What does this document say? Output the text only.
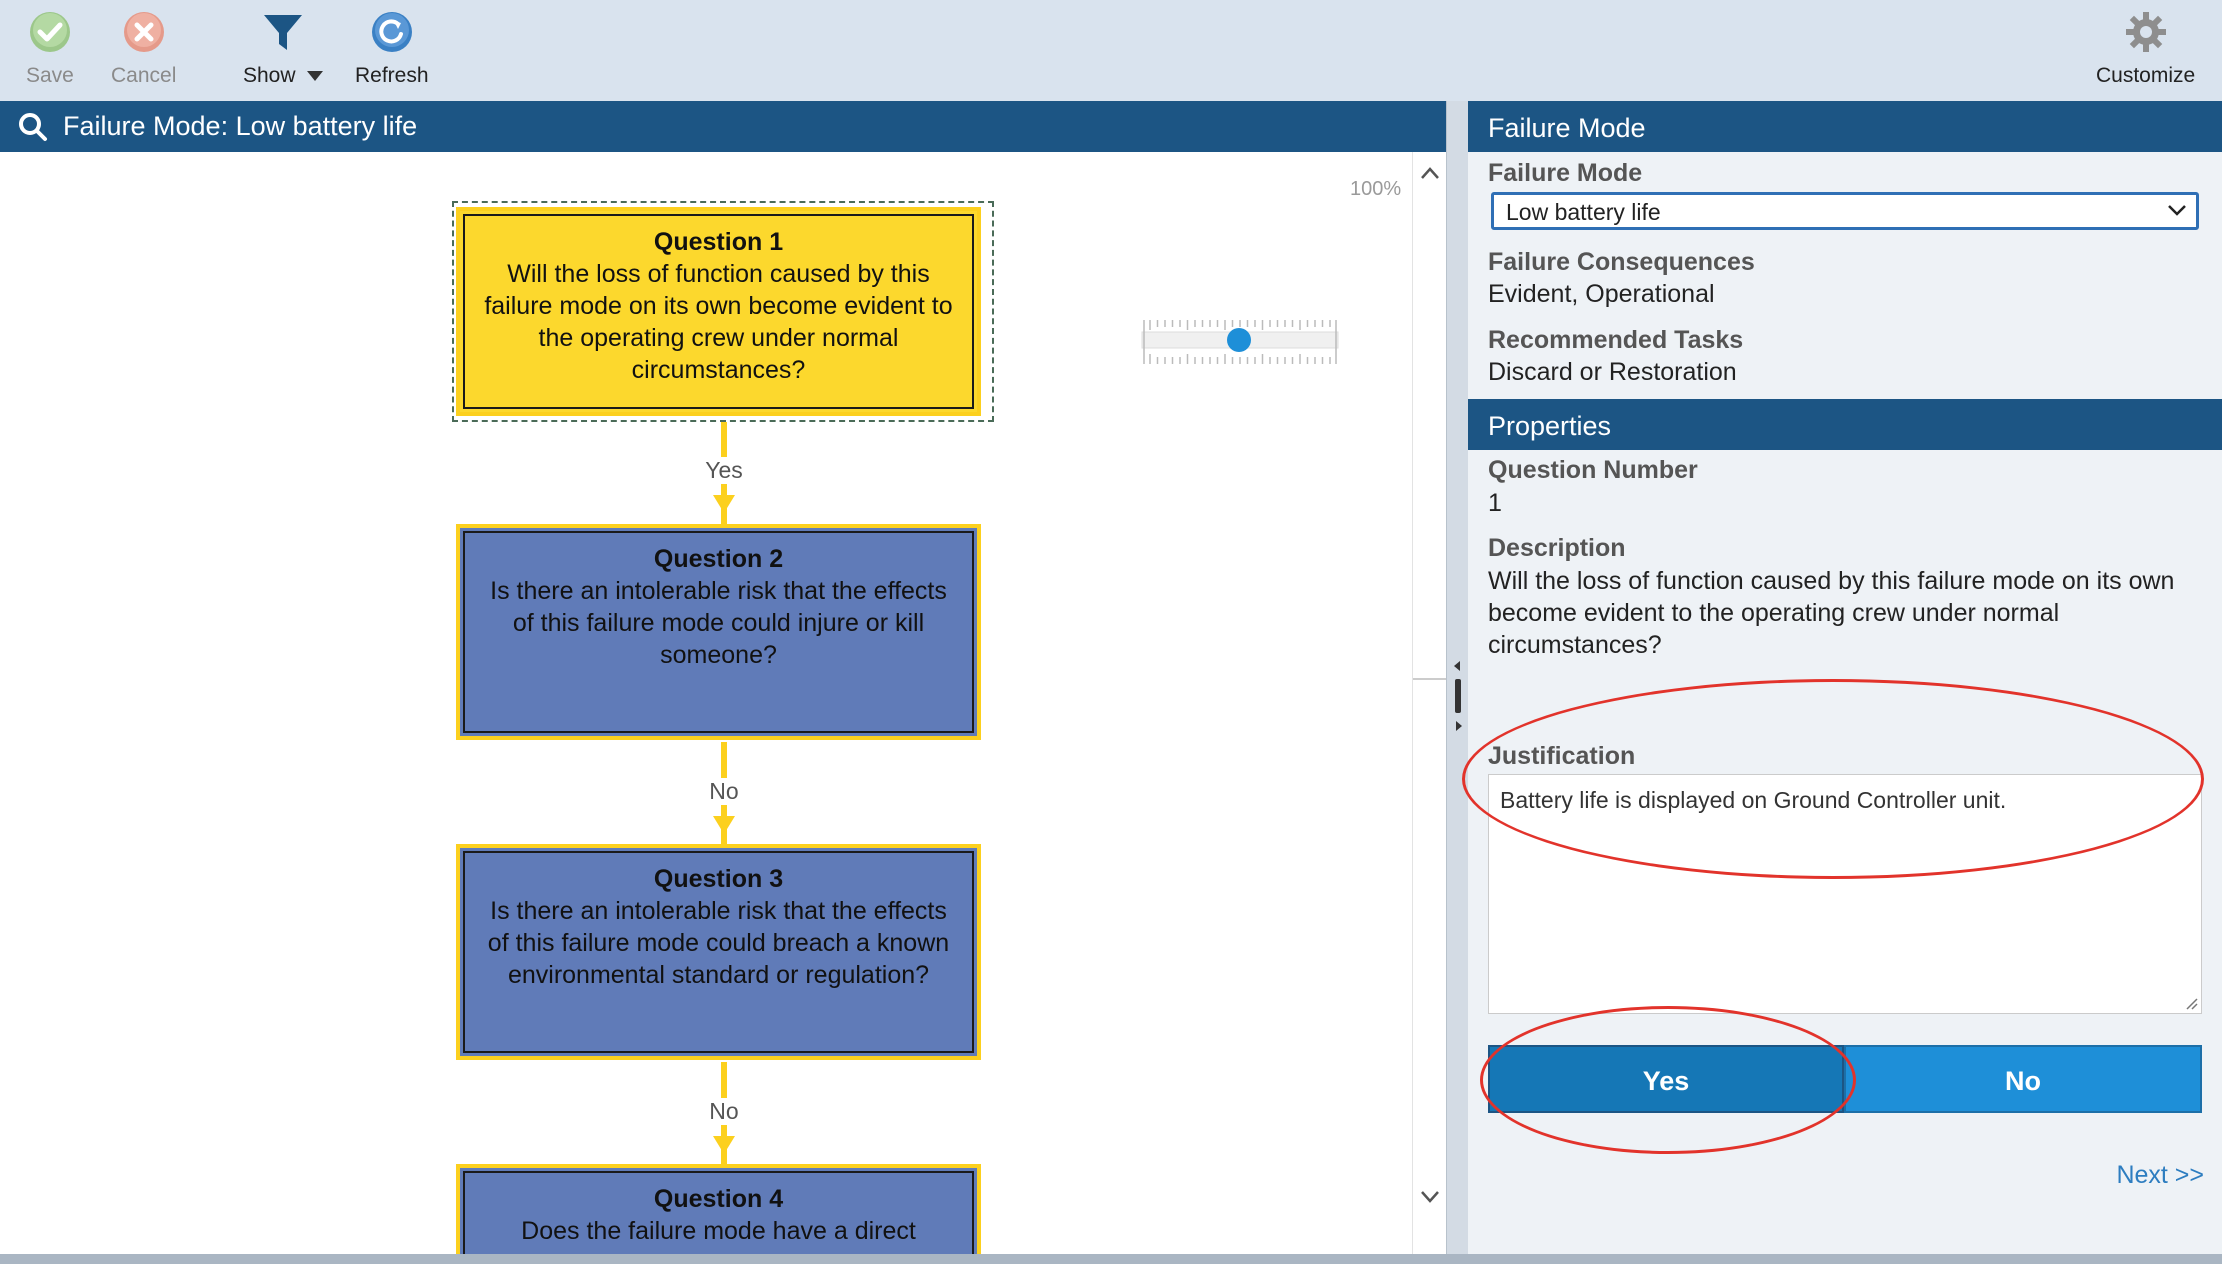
Save Cancel	Show	Refresh	Customize
Failure Mode: Low battery life
100%
Question 1
Will the loss of function caused by this failure mode on its own become evident to the operating crew under normal circumstances?
Yes
Question 2
Is there an intolerable risk that the effects of this failure mode could injure or kill someone?
No
Question 3
Is there an intolerable risk that the effects of this failure mode could breach a known environmental standard or regulation?
No
Question 4
Does the failure mode have a direct
Failure Mode
Failure Mode
Low battery life
Failure Consequences
Evident, Operational
Recommended Tasks
Discard or Restoration
Properties
Question Number
1
Description
Will the loss of function caused by this failure mode on its own become evident to the operating crew under normal circumstances?
Justification
Battery life is displayed on Ground Controller unit.
Yes	No
Next >>
